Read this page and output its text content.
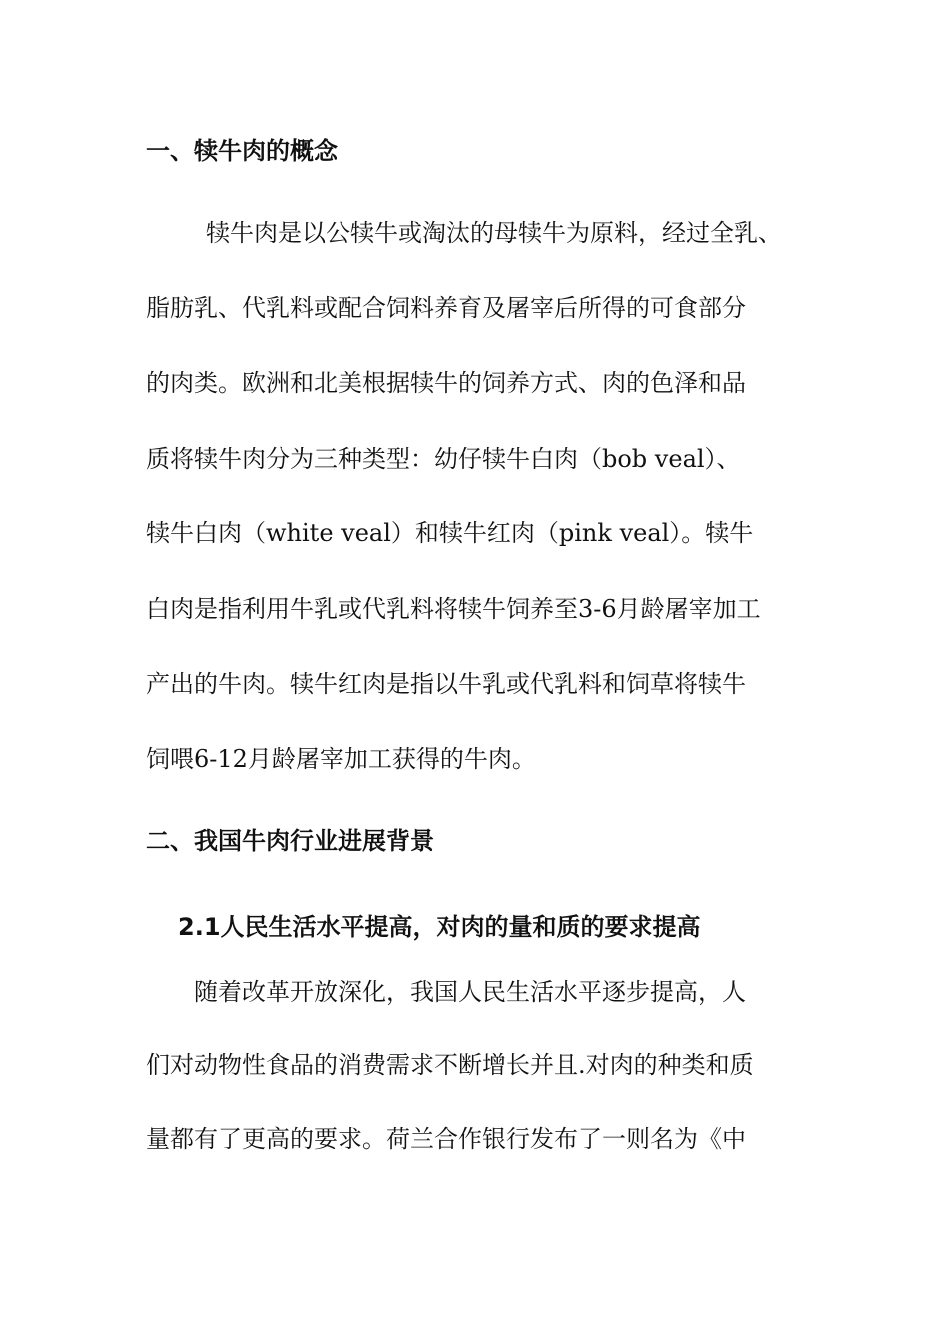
一、犊牛肉的概念

犊牛肉是以公犊牛或淘汰的母犊牛为原料，经过全乳、

脂肪乳、代乳料或配合饲料养育及屠宰后所得的可食部分

的肉类。欧洲和北美根据犊牛的饲养方式、肉的色泽和品

质将犊牛肉分为三种类型：幼仔犊牛白肉（bob veal）、

犊牛白肉（white veal）和犊牛红肉（pink veal）。犊牛

白肉是指利用牛乳或代乳料将犊牛饲养至3-6月龄屠宰加工

产出的牛肉。犊牛红肉是指以牛乳或代乳料和饲草将犊牛

饲喂6-12月龄屠宰加工获得的牛肉。

二、我国牛肉行业进展背景
2.1人民生活水平提高，对肉的量和质的要求提高

随着改革开放深化，我国人民生活水平逐步提高，人

们对动物性食品的消费需求不断增长并且.对肉的种类和质

量都有了更高的要求。荷兰合作银行发布了一则名为《中
